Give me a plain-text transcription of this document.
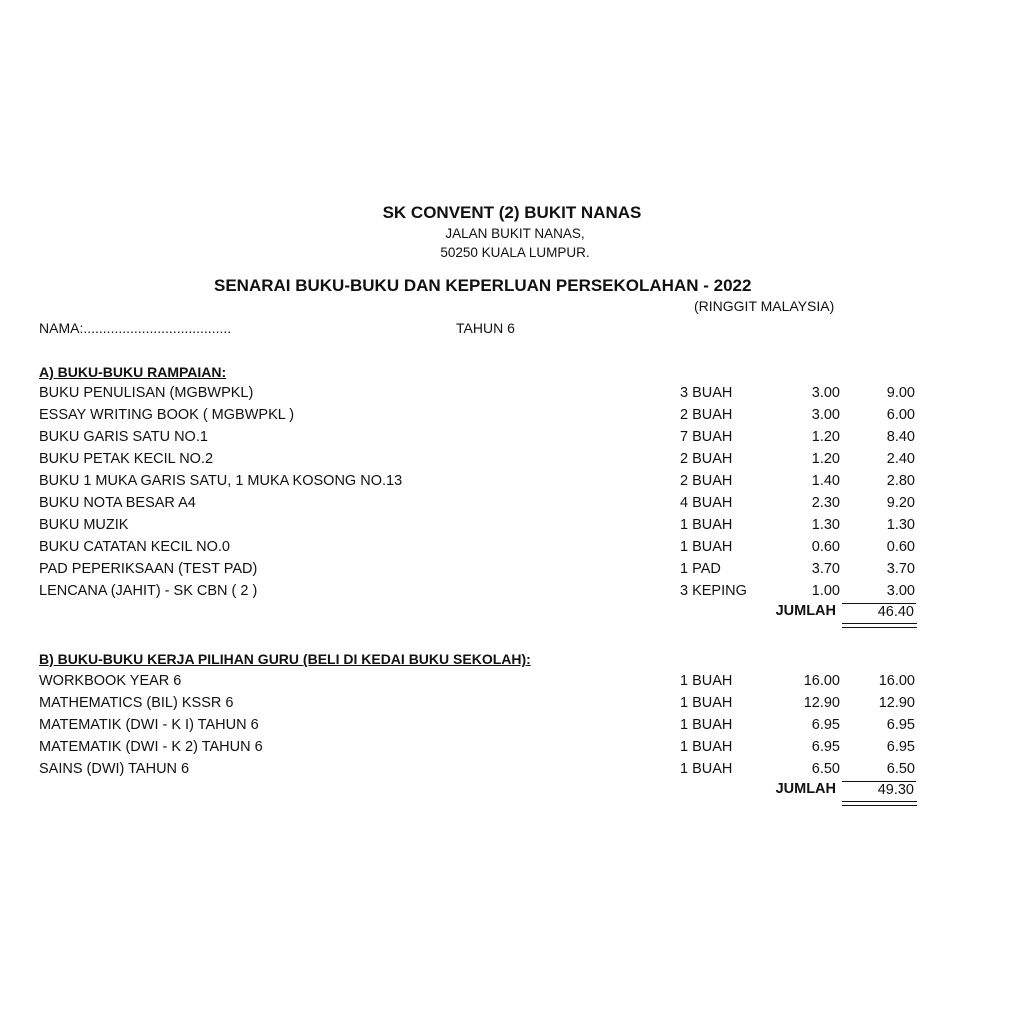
SK CONVENT (2) BUKIT NANAS
JALAN BUKIT NANAS,
50250 KUALA LUMPUR.
SENARAI BUKU-BUKU DAN KEPERLUAN PERSEKOLAHAN - 2022
(RINGGIT MALAYSIA)
NAMA:......................................	TAHUN 6
A) BUKU-BUKU RAMPAIAN:
BUKU PENULISAN (MGBWPKL)	3 BUAH	3.00	9.00
ESSAY WRITING BOOK ( MGBWPKL )	2 BUAH	3.00	6.00
BUKU GARIS SATU NO.1	7 BUAH	1.20	8.40
BUKU PETAK KECIL NO.2	2 BUAH	1.20	2.40
BUKU 1 MUKA GARIS SATU, 1 MUKA KOSONG NO.13	2 BUAH	1.40	2.80
BUKU NOTA BESAR A4	4 BUAH	2.30	9.20
BUKU MUZIK	1 BUAH	1.30	1.30
BUKU CATATAN KECIL NO.0	1 BUAH	0.60	0.60
PAD PEPERIKSAAN (TEST PAD)	1 PAD	3.70	3.70
LENCANA (JAHIT) - SK CBN ( 2 )	3 KEPING	1.00	3.00
JUMLAH	46.40
B) BUKU-BUKU KERJA PILIHAN GURU (BELI DI KEDAI BUKU SEKOLAH):
WORKBOOK YEAR 6	1 BUAH	16.00	16.00
MATHEMATICS (BIL) KSSR 6	1 BUAH	12.90	12.90
MATEMATIK (DWI - K I) TAHUN 6	1 BUAH	6.95	6.95
MATEMATIK (DWI - K 2) TAHUN 6	1 BUAH	6.95	6.95
SAINS (DWI) TAHUN 6	1 BUAH	6.50	6.50
JUMLAH	49.30
